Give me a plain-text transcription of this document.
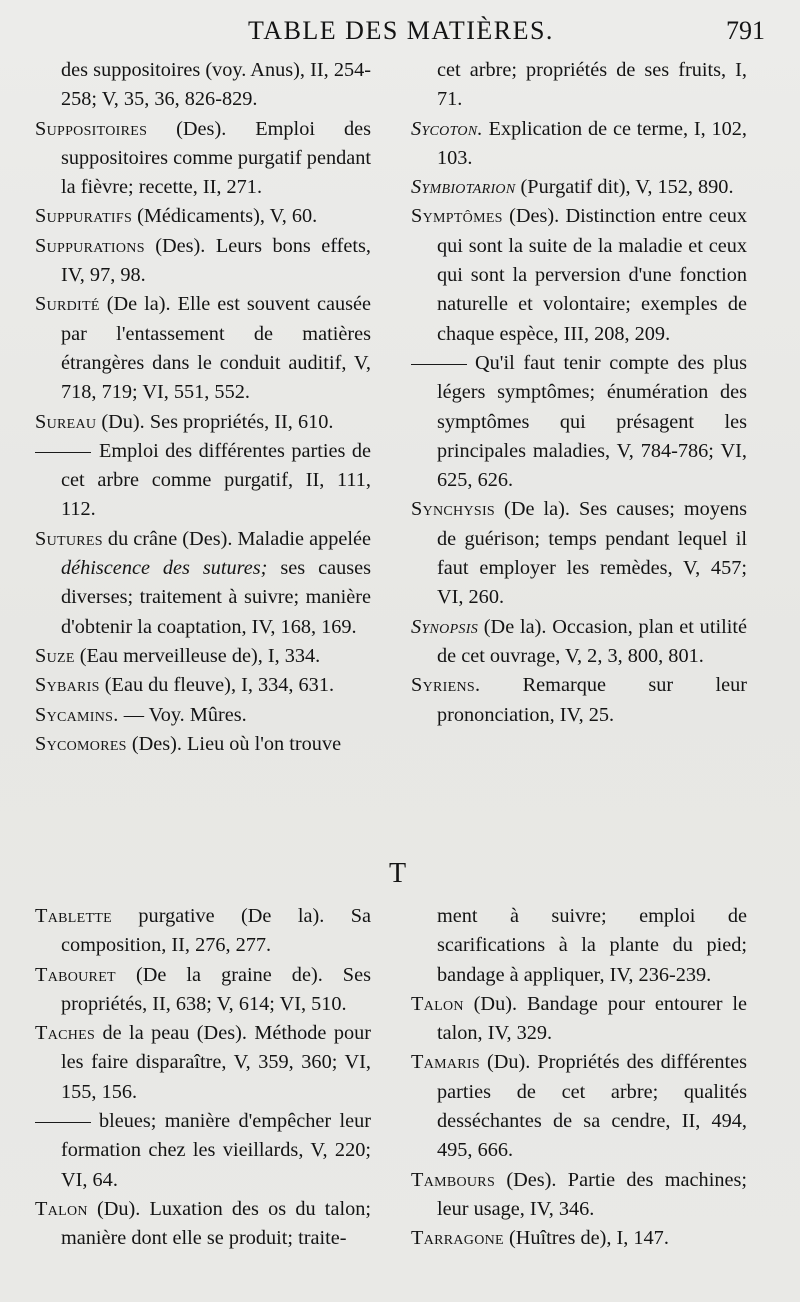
TABLE DES MATIÈRES.	791

des suppositoires (voy. Anus), II, 254-258; V, 35, 36, 826-829.

Suppositoires (Des). Emploi des suppositoires comme purgatif pendant la fièvre; recette, II, 271.

Suppuratifs (Médicaments), V, 60.

Suppurations (Des). Leurs bons effets, IV, 97, 98.

Surdité (De la). Elle est souvent causée par l'entassement de matières étrangères dans le conduit auditif, V, 718, 719; VI, 551, 552.

Sureau (Du). Ses propriétés, II, 610.

Emploi des différentes parties de cet arbre comme purgatif, II, 111, 112.

Sutures du crâne (Des). Maladie appelée déhiscence des sutures; ses causes diverses; traitement à suivre; manière d'obtenir la coaptation, IV, 168, 169.

Suze (Eau merveilleuse de), I, 334.

Sybaris (Eau du fleuve), I, 334, 631.

Sycamins. — Voy. Mûres.

Sycomores (Des). Lieu où l'on trouve

cet arbre; propriétés de ses fruits, I, 71.

Sycoton. Explication de ce terme, I, 102, 103.

Symbiotarion (Purgatif dit), V, 152, 890.

Symptômes (Des). Distinction entre ceux qui sont la suite de la maladie et ceux qui sont la perversion d'une fonction naturelle et volontaire; exemples de chaque espèce, III, 208, 209.

Qu'il faut tenir compte des plus légers symptômes; énumération des symptômes qui présagent les principales maladies, V, 784-786; VI, 625, 626.

Synchysis (De la). Ses causes; moyens de guérison; temps pendant lequel il faut employer les remèdes, V, 457; VI, 260.

Synopsis (De la). Occasion, plan et utilité de cet ouvrage, V, 2, 3, 800, 801.

Syriens. Remarque sur leur prononciation, IV, 25.

T

Tablette purgative (De la). Sa composition, II, 276, 277.

Tabouret (De la graine de). Ses propriétés, II, 638; V, 614; VI, 510.

Taches de la peau (Des). Méthode pour les faire disparaître, V, 359, 360; VI, 155, 156.

bleues; manière d'empêcher leur formation chez les vieillards, V, 220; VI, 64.

Talon (Du). Luxation des os du talon; manière dont elle se produit; traite-

ment à suivre; emploi de scarifications à la plante du pied; bandage à appliquer, IV, 236-239.

Talon (Du). Bandage pour entourer le talon, IV, 329.

Tamaris (Du). Propriétés des différentes parties de cet arbre; qualités desséchantes de sa cendre, II, 494, 495, 666.

Tambours (Des). Partie des machines; leur usage, IV, 346.

Tarragone (Huîtres de), I, 147.
